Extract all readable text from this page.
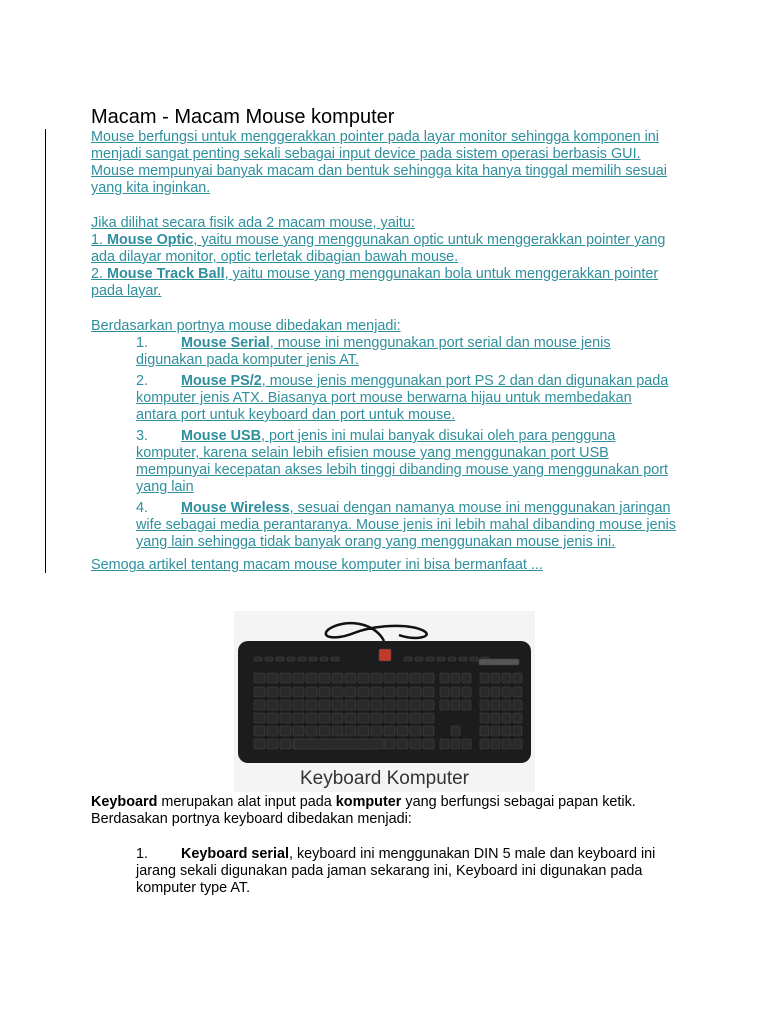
Macam - Macam Mouse komputer

Mouse berfungsi untuk menggerakkan pointer pada layar monitor sehingga komponen ini menjadi sangat penting sekali sebagai input device pada sistem operasi berbasis GUI.

Mouse mempunyai banyak macam dan bentuk sehingga kita hanya tinggal memilih sesuai yang kita inginkan.

Jika dilihat secara fisik ada 2 macam mouse, yaitu:

1. Mouse Optic, yaitu mouse yang menggunakan optic untuk menggerakkan pointer yang ada dilayar monitor, optic terletak dibagian bawah mouse.

2. Mouse Track Ball, yaitu mouse yang menggunakan bola untuk menggerakkan pointer pada layar.

Berdasarkan portnya mouse dibedakan menjadi:
1. Mouse Serial, mouse ini menggunakan port serial dan mouse jenis digunakan pada komputer jenis AT.
2. Mouse PS/2, mouse jenis menggunakan port PS 2 dan dan digunakan pada komputer jenis ATX. Biasanya port mouse berwarna hijau untuk membedakan antara port untuk keyboard dan port untuk mouse.
3. Mouse USB, port jenis ini mulai banyak disukai oleh para pengguna komputer, karena selain lebih efisien mouse yang menggunakan port USB mempunyai kecepatan akses lebih tinggi dibanding mouse yang menggunakan port yang lain
4. Mouse Wireless, sesuai dengan namanya mouse ini menggunakan jaringan wife sebagai media perantaranya. Mouse jenis ini lebih mahal dibanding mouse jenis yang lain sehingga tidak banyak orang yang menggunakan mouse jenis ini.
Semoga artikel tentang macam mouse komputer ini bisa bermanfaat ...
Keyboard Komputer

Keyboard merupakan alat input pada komputer yang berfungsi sebagai papan ketik.

Berdasakan portnya keyboard dibedakan menjadi:

1. Keyboard serial, keyboard ini menggunakan DIN 5 male dan keyboard ini jarang sekali digunakan pada jaman sekarang ini, Keyboard ini digunakan pada komputer type AT.
